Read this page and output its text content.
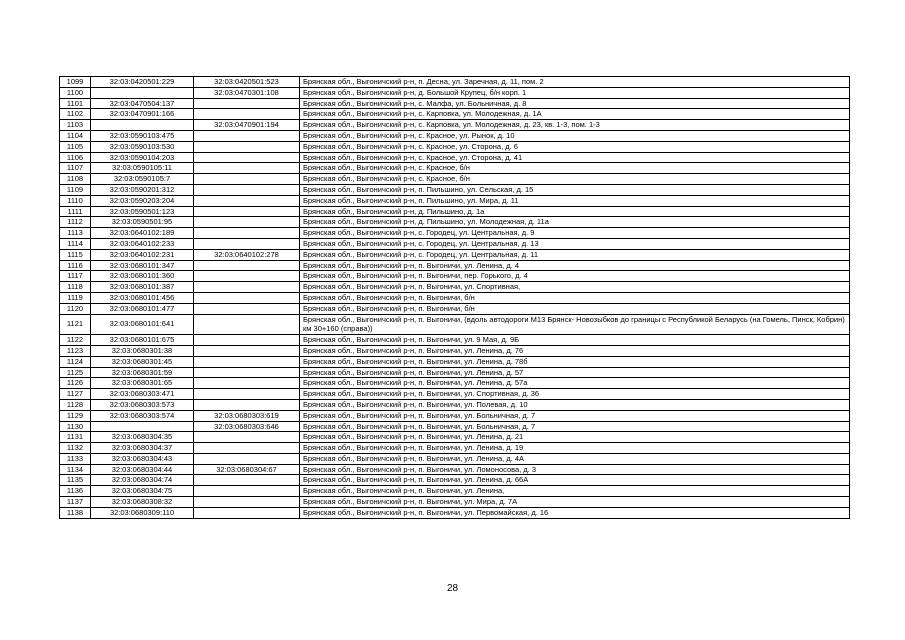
1099	32:03:0420501:229	32:03:0420501:523	Брянская обл., Выгоничский р-н, п. Десна, ул. Заречная, д. 11, пом. 2
1100		32:03:0470301:108	Брянская обл., Выгоничский р-н, д. Большой Крупец, б/н корп. 1
1101	32:03:0470504:137		Брянская обл., Выгоничский р-н, с. Малфа, ул. Больничная, д. 8
1102	32:03:0470901:166		Брянская обл., Выгоничский р-н, с. Карповка, ул. Молодежная, д. 1А
1103		32:03:0470901:194	Брянская обл., Выгоничский р-н, с. Карповка, ул. Молодежная, д. 23, кв. 1-3, пом. 1-3
1104	32:03:0590103:475		Брянская обл., Выгоничский р-н, с. Красное, ул. Рынок, д. 10
1105	32:03:0590103:530		Брянская обл., Выгоничский р-н, с. Красное, ул. Сторона, д. 6
1106	32:03:0590104:203		Брянская обл., Выгоничский р-н, с. Красное, ул. Сторона, д. 41
1107	32:03:0590105:11		Брянская обл., Выгоничский р-н, с. Красное, б/н
1108	32:03:0590105:7		Брянская обл., Выгоничский р-н, с. Красное, б/н
1109	32:03:0590201:312		Брянская обл., Выгоничский р-н, п. Пильшино, ул. Сельская, д. 15
1110	32:03:0590203:204		Брянская обл., Выгоничский р-н, п. Пильшино, ул. Мира, д. 11
1111	32:03:0590501:123		Брянская обл., Выгоничский р-н, д. Пильшино, д. 1а
1112	32:03:0590501:95		Брянская обл., Выгоничский р-н, д. Пильшино, ул. Молодежная, д. 11а
1113	32:03:0640102:189		Брянская обл., Выгоничский р-н, с. Городец, ул. Центральная, д. 9
1114	32:03:0640102:233		Брянская обл., Выгоничский р-н, с. Городец, ул. Центральная, д. 13
1115	32:03:0640102:231	32:03:0640102:278	Брянская обл., Выгоничский р-н, с. Городец, ул. Центральная, д. 11
1116	32:03:0680101:347		Брянская обл., Выгоничский р-н, п. Выгоничи, ул. Ленина, д. 4
1117	32:03:0680101:360		Брянская обл., Выгоничский р-н, п. Выгоничи, пер. Горького, д. 4
1118	32:03:0680101:387		Брянская обл., Выгоничский р-н, п. Выгоничи, ул. Спортивная,
1119	32:03:0680101:456		Брянская обл., Выгоничский р-н, п. Выгоничи, б/н
1120	32:03:0680101:477		Брянская обл., Выгоничский р-н, п. Выгоничи, б/н
1121	32:03:0680101:641		Брянская обл., Выгоничский р-н, п. Выгоничи, (вдоль автодороги М13 Брянск- Новозыбков до границы с Республикой Беларусь (на Гомель, Пинск, Кобрин) км 30+160 (справа))
1122	32:03:0680101:675		Брянская обл., Выгоничский р-н, п. Выгоничи, ул. 9 Мая, д. 9Б
1123	32:03:0680301:38		Брянская обл., Выгоничский р-н, п. Выгоничи, ул. Ленина, д. 76
1124	32:03:0680301:45		Брянская обл., Выгоничский р-н, п. Выгоничи, ул. Ленина, д. 78б
1125	32:03:0680301:59		Брянская обл., Выгоничский р-н, п. Выгоничи, ул. Ленина, д. 57
1126	32:03:0680301:65		Брянская обл., Выгоничский р-н, п. Выгоничи, ул. Ленина, д. 57а
1127	32:03:0680303:471		Брянская обл., Выгоничский р-н, п. Выгоничи, ул. Спортивная, д. 36
1128	32:03:0680303:573		Брянская обл., Выгоничский р-н, п. Выгоничи, ул. Полевая, д. 10
1129	32:03:0680303:574	32:03:0680303:619	Брянская обл., Выгоничский р-н, п. Выгоничи, ул. Больничная, д. 7
1130		32:03:0680303:646	Брянская обл., Выгоничский р-н, п. Выгоничи, ул. Больничная, д. 7
1131	32:03:0680304:35		Брянская обл., Выгоничский р-н, п. Выгоничи, ул. Ленина, д. 21
1132	32:03:0680304:37		Брянская обл., Выгоничский р-н, п. Выгоничи, ул. Ленина, д. 19
1133	32:03:0680304:43		Брянская обл., Выгоничский р-н, п. Выгоничи, ул. Ленина, д. 4А
1134	32:03:0680304:44	32:03:0680304:67	Брянская обл., Выгоничский р-н, п. Выгоничи, ул. Ломоносова, д. 3
1135	32:03:0680304:74		Брянская обл., Выгоничский р-н, п. Выгоничи, ул. Ленина, д. 66А
1136	32:03:0680304:75		Брянская обл., Выгоничский р-н, п. Выгоничи, ул. Ленина,
1137	32:03:0680308:32		Брянская обл., Выгоничский р-н, п. Выгоничи, ул. Мира, д. 7А
1138	32:03:0680309:110		Брянская обл., Выгоничский р-н, п. Выгоничи, ул. Первомайская, д. 16
28
